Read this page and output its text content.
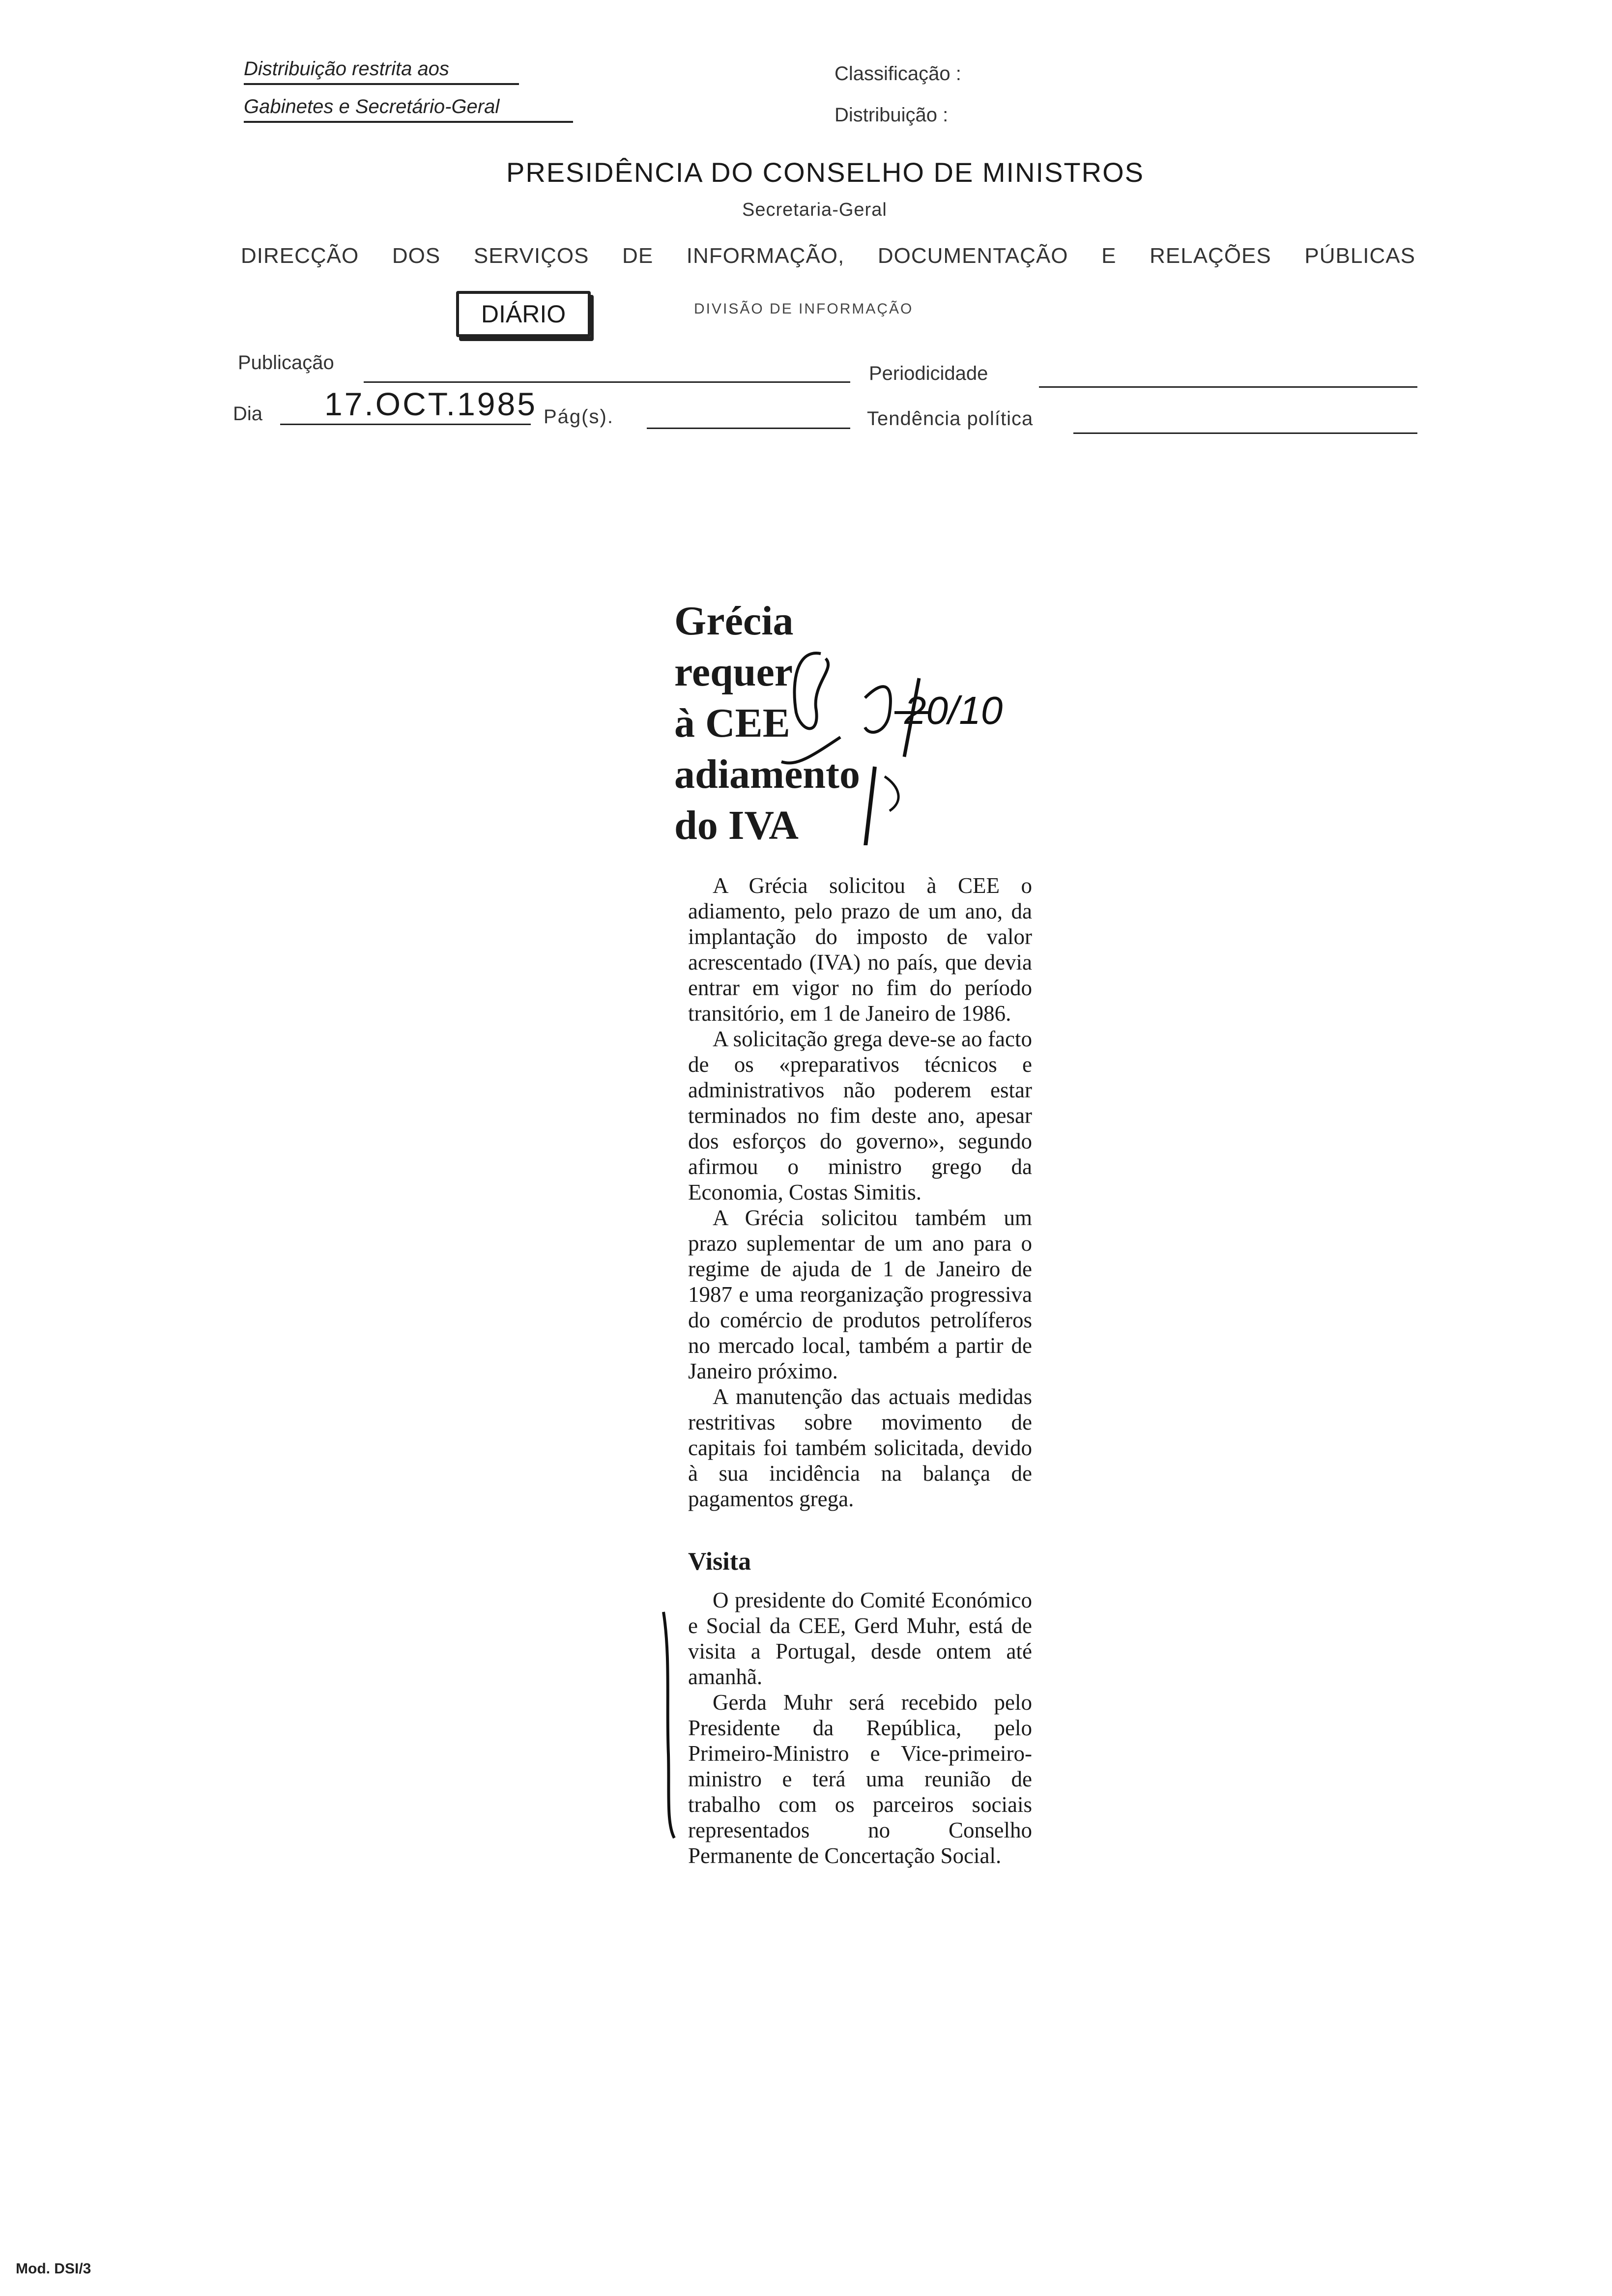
Distribuição restrita aos
Gabinetes e Secretário-Geral
Classificação :
Distribuição :
PRESIDÊNCIA DO CONSELHO DE MINISTROS
Secretaria-Geral
DIRECÇÃO DOS SERVIÇOS DE INFORMAÇÃO, DOCUMENTAÇÃO E RELAÇÕES PÚBLICAS
DIÁRIO	DIVISÃO DE INFORMAÇÃO
Publicação	Periodicidade
Dia 17.OCT.1985 Pág(s).	Tendência política
Grécia
requer
à CEE
adiamento
do IVA
20/10

A Grécia solicitou à CEE o adiamento, pelo prazo de um ano, da implantação do imposto de valor acrescentado (IVA) no país, que devia entrar em vigor no fim do período transitório, em 1 de Janeiro de 1986.

A solicitação grega deve-se ao facto de os «preparativos técnicos e administrativos não poderem estar terminados no fim deste ano, apesar dos esforços do governo», segundo afirmou o ministro grego da Economia, Costas Simitis.

A Grécia solicitou também um prazo suplementar de um ano para o regime de ajuda de 1 de Janeiro de 1987 e uma reorganização progressiva do comércio de produtos petrolíferos no mercado local, também a partir de Janeiro próximo.

A manutenção das actuais medidas restritivas sobre movimento de capitais foi também solicitada, devido à sua incidência na balança de pagamentos grega.

Visita

O presidente do Comité Económico e Social da CEE, Gerd Muhr, está de visita a Portugal, desde ontem até amanhã.

Gerda Muhr será recebido pelo Presidente da República, pelo Primeiro-Ministro e Vice-primeiro-ministro e terá uma reunião de trabalho com os parceiros sociais representados no Conselho Permanente de Concertação Social.

Mod. DSI/3
